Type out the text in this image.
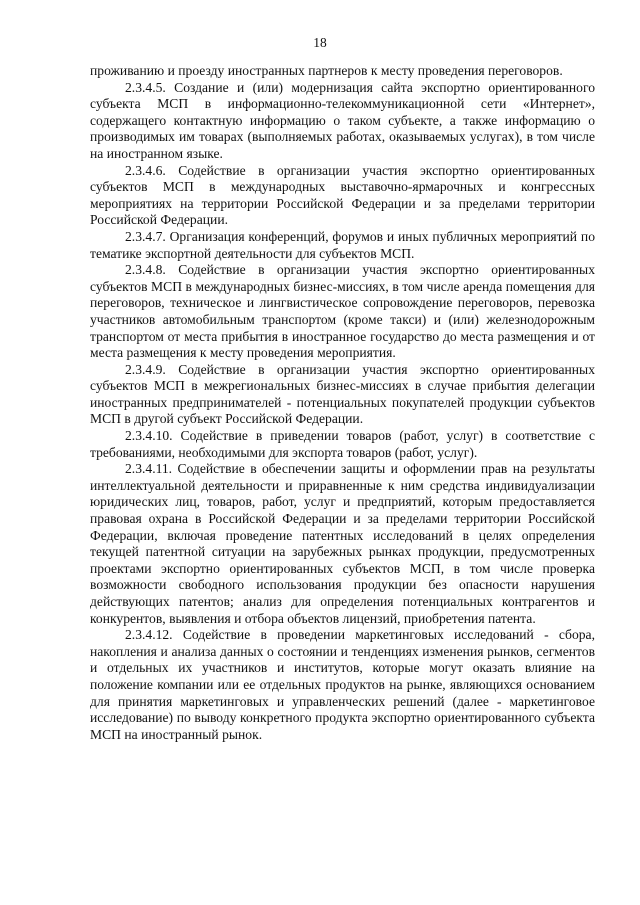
18

проживанию и проезду иностранных партнеров к месту проведения переговоров.

2.3.4.5. Создание и (или) модернизация сайта экспортно ориентированного субъекта МСП в информационно-телекоммуникационной сети «Интернет», содержащего контактную информацию о таком субъекте, а также информацию о производимых им товарах (выполняемых работах, оказываемых услугах), в том числе на иностранном языке.

2.3.4.6. Содействие в организации участия экспортно ориентированных субъектов МСП в международных выставочно-ярмарочных и конгрессных мероприятиях на территории Российской Федерации и за пределами территории Российской Федерации.

2.3.4.7. Организация конференций, форумов и иных публичных мероприятий по тематике экспортной деятельности для субъектов МСП.

2.3.4.8. Содействие в организации участия экспортно ориентированных субъектов МСП в международных бизнес-миссиях, в том числе аренда помещения для переговоров, техническое и лингвистическое сопровождение переговоров, перевозка участников автомобильным транспортом (кроме такси) и (или) железнодорожным транспортом от места прибытия в иностранное государство до места размещения и от места размещения к месту проведения мероприятия.

2.3.4.9. Содействие в организации участия экспортно ориентированных субъектов МСП в межрегиональных бизнес-миссиях в случае прибытия делегации иностранных предпринимателей - потенциальных покупателей продукции субъектов МСП в другой субъект Российской Федерации.

2.3.4.10. Содействие в приведении товаров (работ, услуг) в соответствие с требованиями, необходимыми для экспорта товаров (работ, услуг).

2.3.4.11. Содействие в обеспечении защиты и оформлении прав на результаты интеллектуальной деятельности и приравненные к ним средства индивидуализации юридических лиц, товаров, работ, услуг и предприятий, которым предоставляется правовая охрана в Российской Федерации и за пределами территории Российской Федерации, включая проведение патентных исследований в целях определения текущей патентной ситуации на зарубежных рынках продукции, предусмотренных проектами экспортно ориентированных субъектов МСП, в том числе проверка возможности свободного использования продукции без опасности нарушения действующих патентов; анализ для определения потенциальных контрагентов и конкурентов, выявления и отбора объектов лицензий, приобретения патента.

2.3.4.12. Содействие в проведении маркетинговых исследований - сбора, накопления и анализа данных о состоянии и тенденциях изменения рынков, сегментов и отдельных их участников и институтов, которые могут оказать влияние на положение компании или ее отдельных продуктов на рынке, являющихся основанием для принятия маркетинговых и управленческих решений (далее - маркетинговое исследование) по выводу конкретного продукта экспортно ориентированного субъекта МСП на иностранный рынок.
